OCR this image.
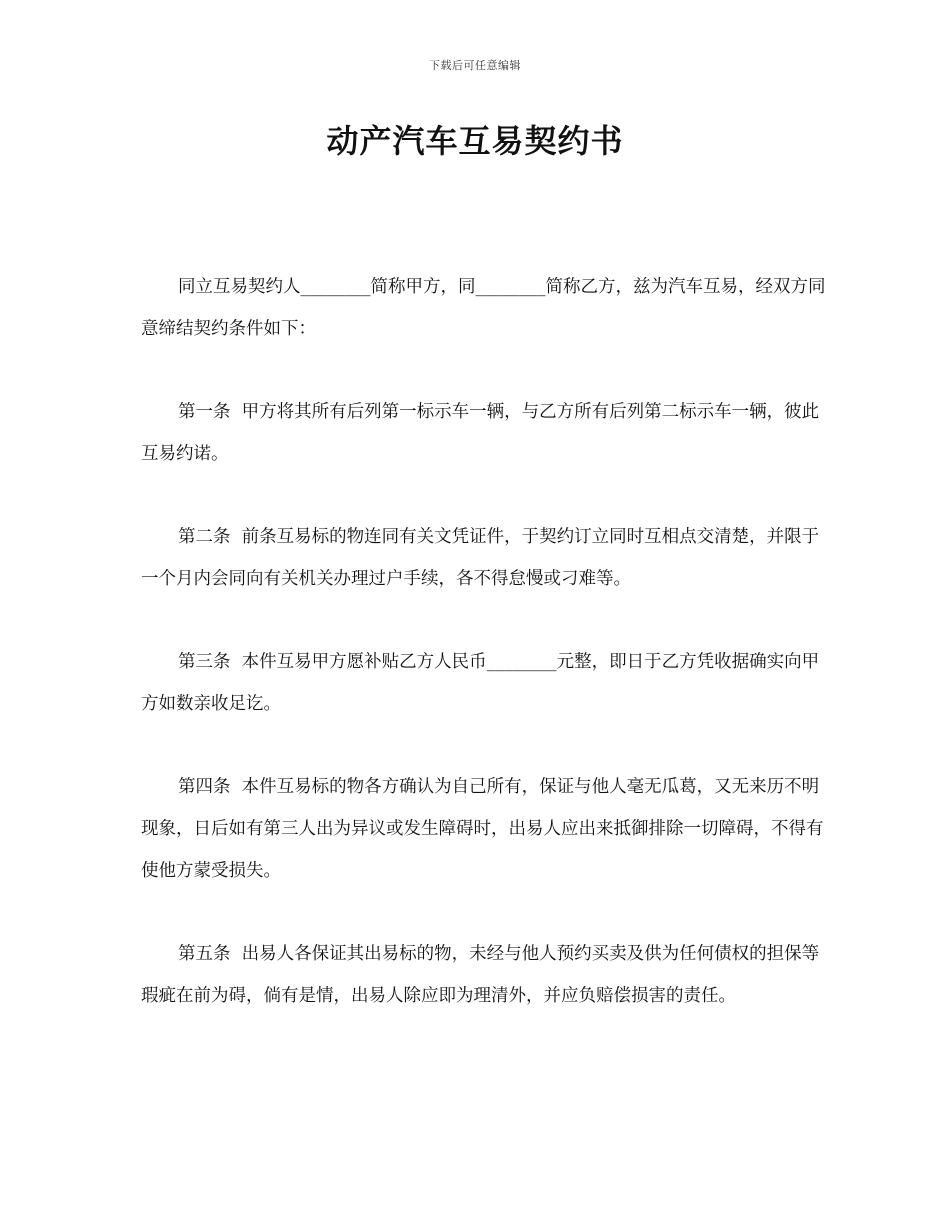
下载后可任意编辑
动产汽车互易契约书

同立互易契约人________简称甲方，同________简称乙方，兹为汽车互易，经双方同意缔结契约条件如下：

第一条  甲方将其所有后列第一标示车一辆，与乙方所有后列第二标示车一辆，彼此互易约诺。

第二条  前条互易标的物连同有关文凭证件，于契约订立同时互相点交清楚，并限于一个月内会同向有关机关办理过户手续，各不得怠慢或刁难等。

第三条  本件互易甲方愿补贴乙方人民币________元整，即日于乙方凭收据确实向甲方如数亲收足讫。

第四条  本件互易标的物各方确认为自己所有，保证与他人毫无瓜葛，又无来历不明现象，日后如有第三人出为异议或发生障碍时，出易人应出来抵御排除一切障碍，不得有使他方蒙受损失。

第五条  出易人各保证其出易标的物，未经与他人预约买卖及供为任何债权的担保等瑕疵在前为碍，倘有是情，出易人除应即为理清外，并应负赔偿损害的责任。
